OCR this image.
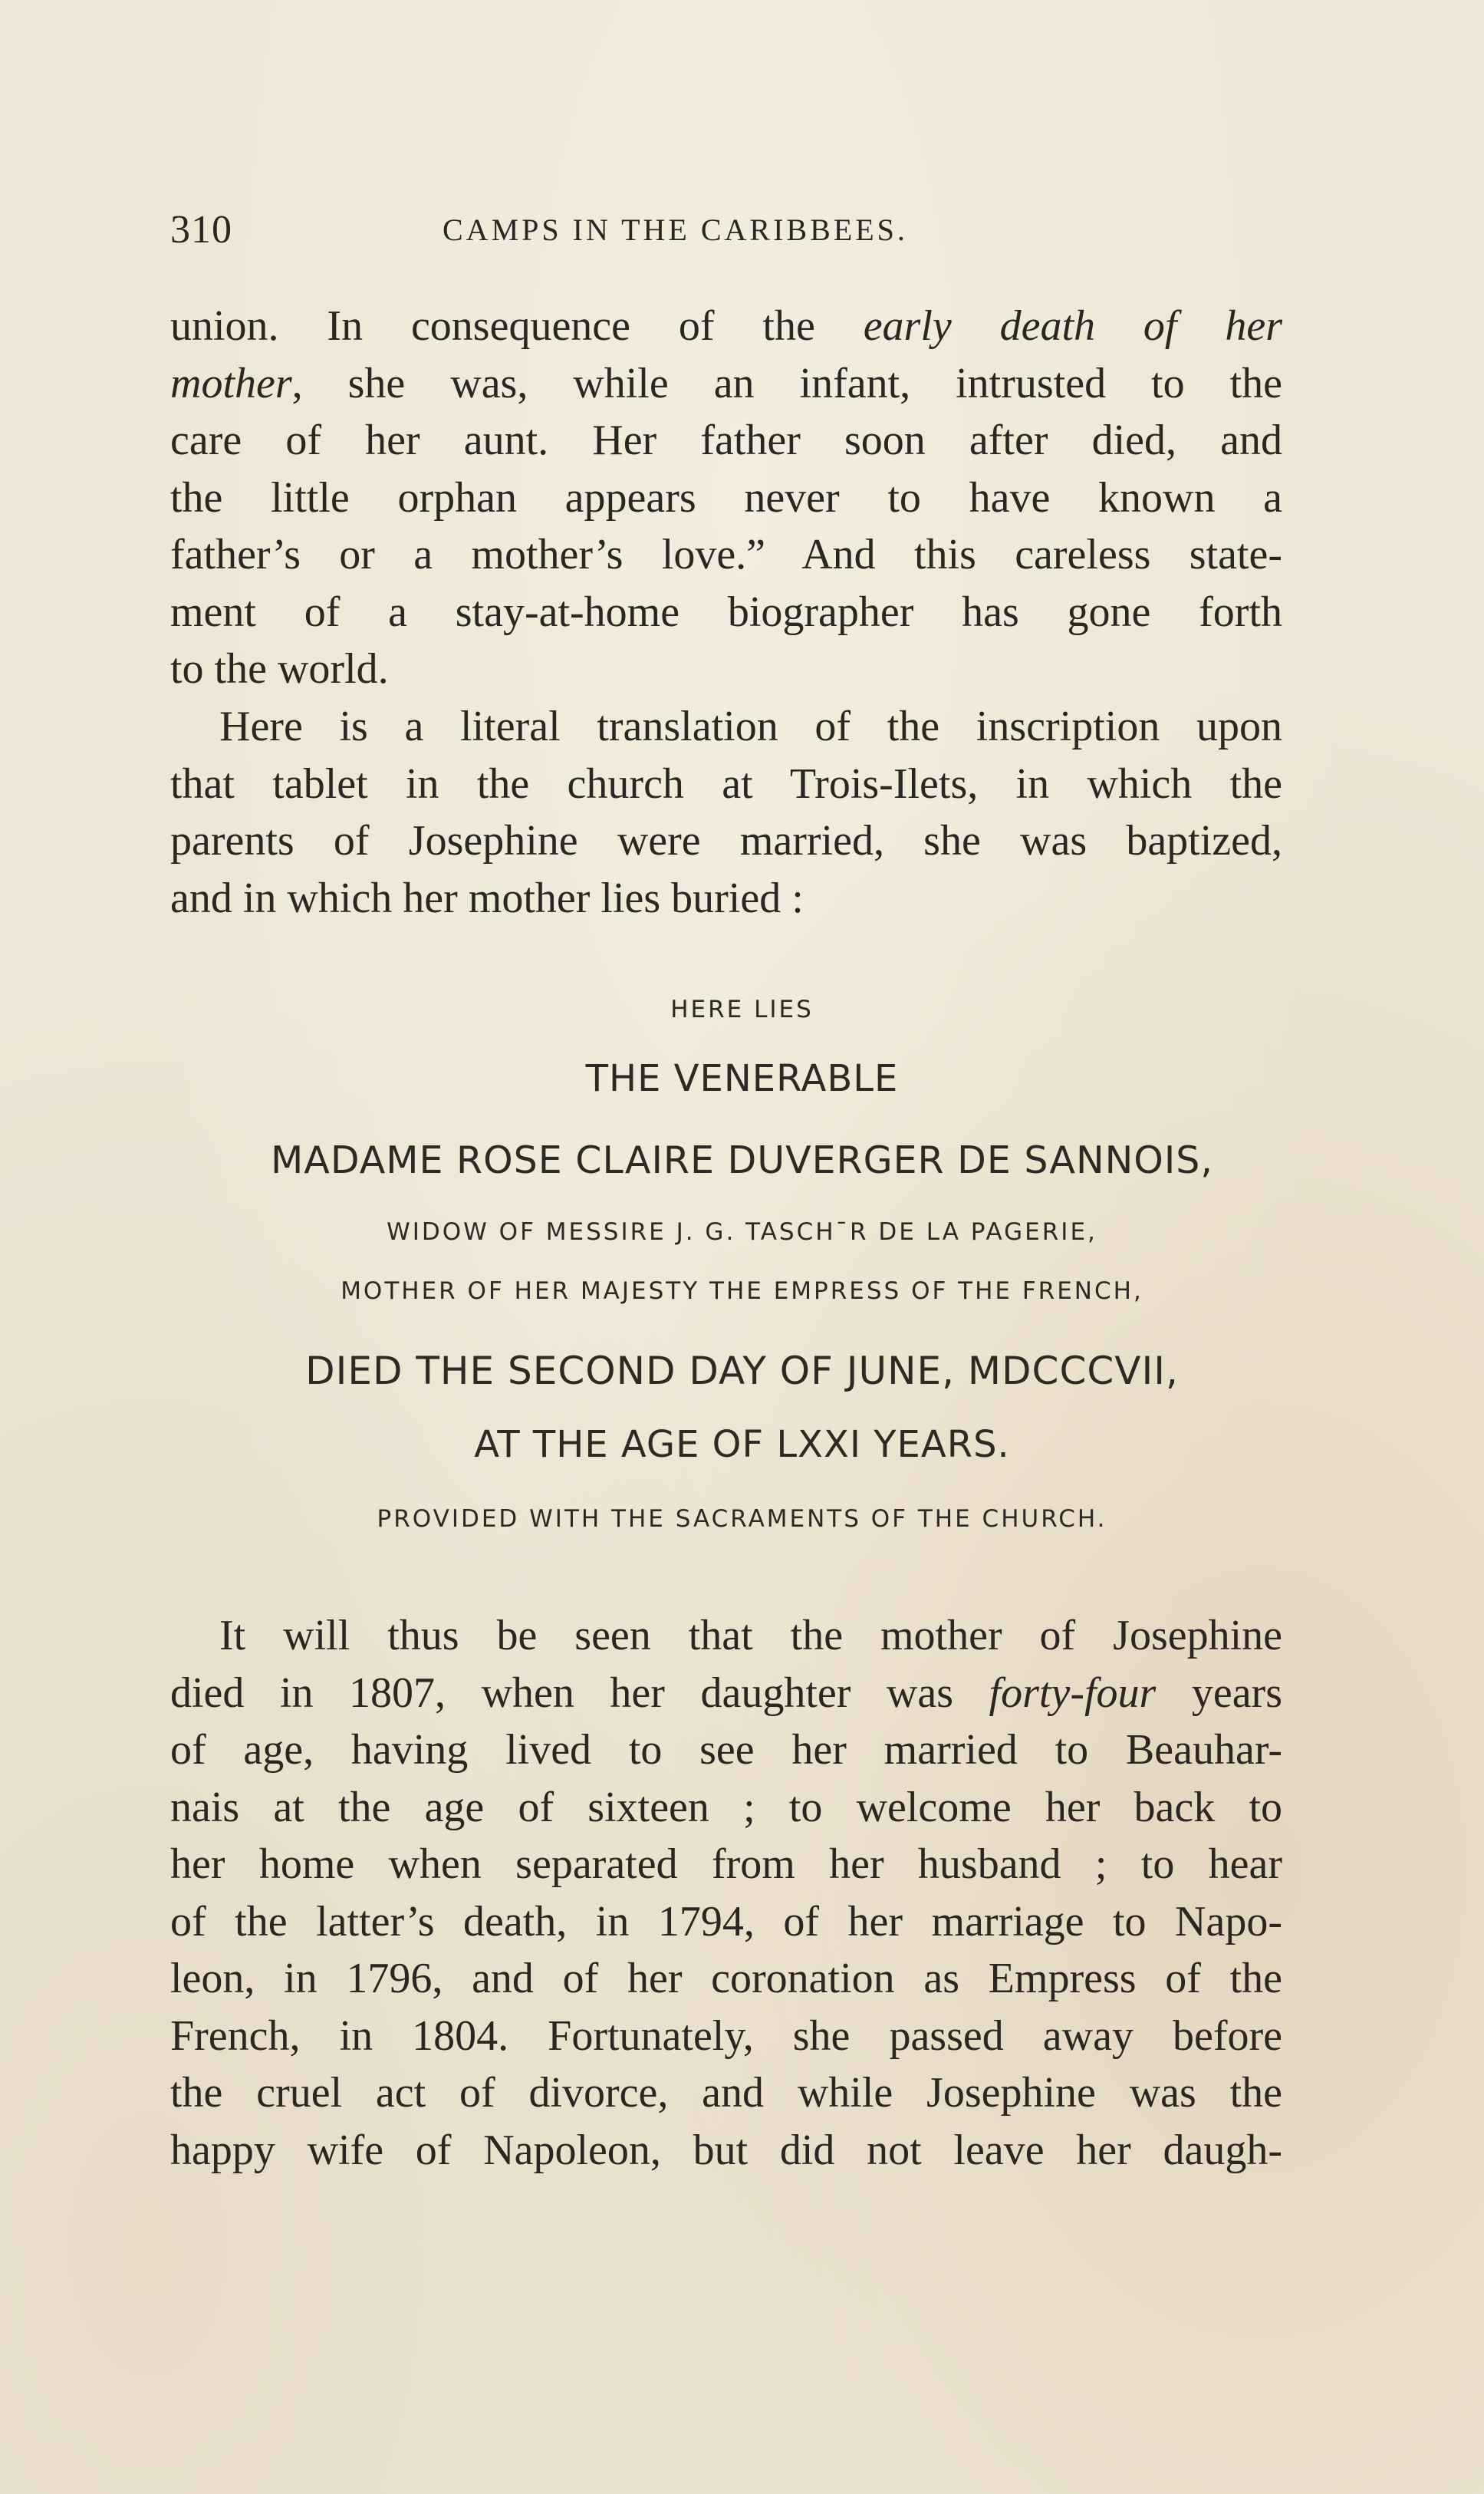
310	CAMPS IN THE CARIBBEES.

union. In consequence of the early death of her
mother, she was, while an infant, intrusted to the
care of her aunt. Her father soon after died, and
the little orphan appears never to have known a
father’s or a mother’s love.” And this careless state-
ment of a stay-at-home biographer has gone forth
to the world.

Here is a literal translation of the inscription upon
that tablet in the church at Trois-Ilets, in which the
parents of Josephine were married, she was baptized,
and in which her mother lies buried :

HERE LIES
THE VENERABLE
MADAME ROSE CLAIRE DUVERGER DE SANNOIS,
WIDOW OF MESSIRE J. G. TASCH¯R DE LA PAGERIE,
MOTHER OF HER MAJESTY THE EMPRESS OF THE FRENCH,
DIED THE SECOND DAY OF JUNE, MDCCCVII,
AT THE AGE OF LXXI YEARS.
PROVIDED WITH THE SACRAMENTS OF THE CHURCH.

It will thus be seen that the mother of Josephine
died in 1807, when her daughter was forty-four years
of age, having lived to see her married to Beauhar-
nais at the age of sixteen ; to welcome her back to
her home when separated from her husband ; to hear
of the latter’s death, in 1794, of her marriage to Napo-
leon, in 1796, and of her coronation as Empress of the
French, in 1804. Fortunately, she passed away before
the cruel act of divorce, and while Josephine was the
happy wife of Napoleon, but did not leave her daugh-
